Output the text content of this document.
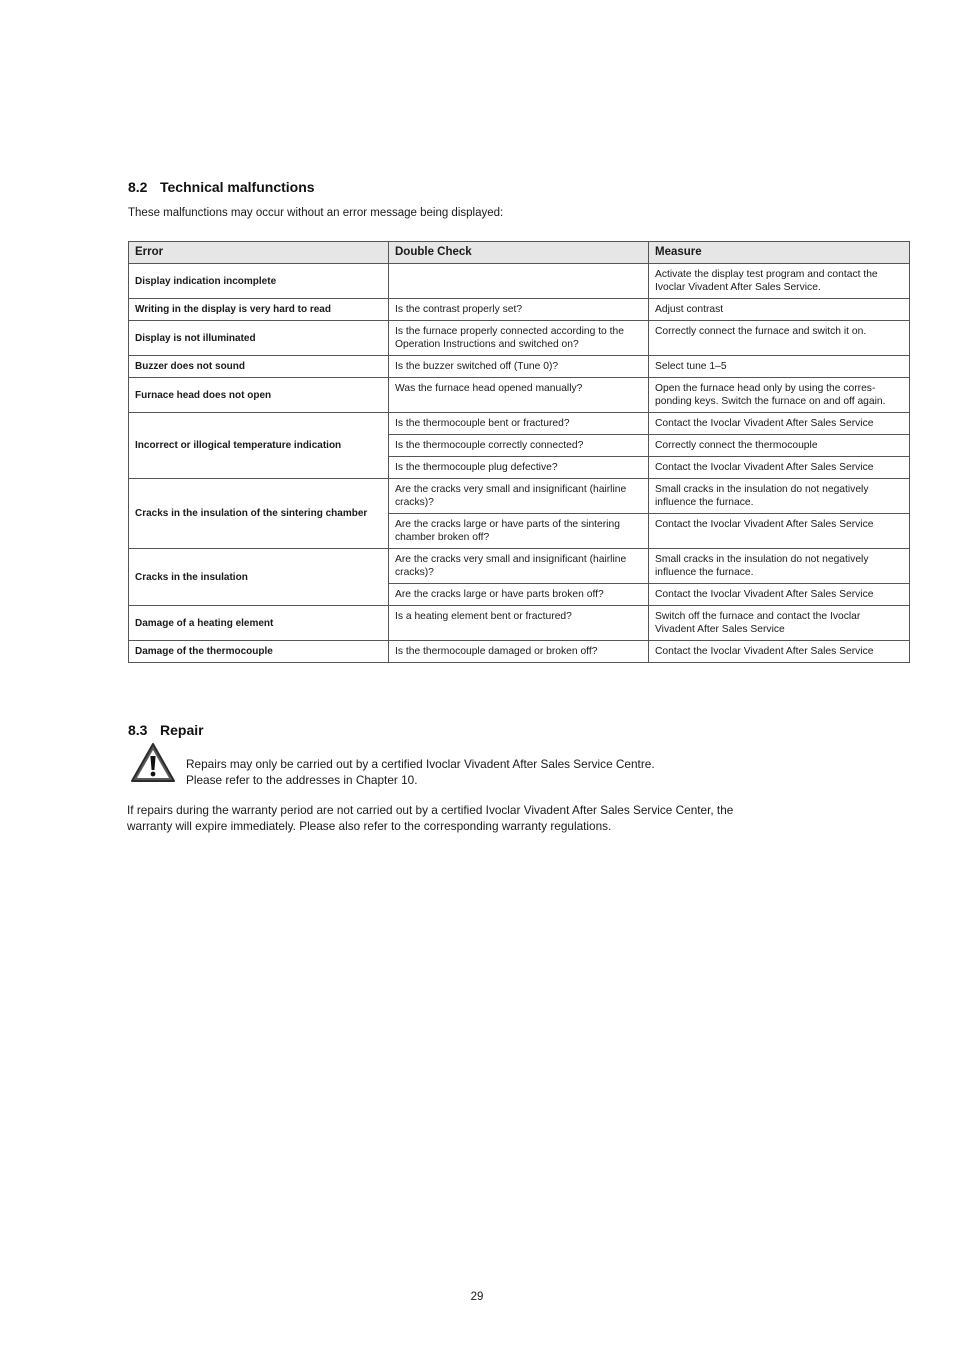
8.2 Technical malfunctions

These malfunctions may occur without an error message being displayed:

Error	Double Check	Measure
Display indication incomplete		Activate the display test program and contact the Ivoclar Vivadent After Sales Service.
Writing in the display is very hard to read	Is the contrast properly set?	Adjust contrast
Display is not illuminated	Is the furnace properly connected according to the Operation Instructions and switched on?	Correctly connect the furnace and switch it on.
Buzzer does not sound	Is the buzzer switched off (Tune 0)?	Select tune 1–5
Furnace head does not open	Was the furnace head opened manually?	Open the furnace head only by using the corres-ponding keys. Switch the furnace on and off again.
Incorrect or illogical temperature indication	Is the thermocouple bent or fractured?	Contact the Ivoclar Vivadent After Sales Service
	Is the thermocouple correctly connected?	Correctly connect the thermocouple
	Is the thermocouple plug defective?	Contact the Ivoclar Vivadent After Sales Service
Cracks in the insulation of the sintering chamber	Are the cracks very small and insignificant (hairline cracks)?	Small cracks in the insulation do not negatively influence the furnace.
	Are the cracks large or have parts of the sintering chamber broken off?	Contact the Ivoclar Vivadent After Sales Service
Cracks in the insulation	Are the cracks very small and insignificant (hairline cracks)?	Small cracks in the insulation do not negatively influence the furnace.
	Are the cracks large or have parts broken off?	Contact the Ivoclar Vivadent After Sales Service
Damage of a heating element	Is a heating element bent or fractured?	Switch off the furnace and contact the Ivoclar Vivadent After Sales Service
Damage of the thermocouple	Is the thermocouple damaged or broken off?	Contact the Ivoclar Vivadent After Sales Service
8.3 Repair

Repairs may only be carried out by a certified Ivoclar Vivadent After Sales Service Centre.
Please refer to the addresses in Chapter 10.

If repairs during the warranty period are not carried out by a certified Ivoclar Vivadent After Sales Service Center, the warranty will expire immediately. Please also refer to the corresponding warranty regulations.

29
